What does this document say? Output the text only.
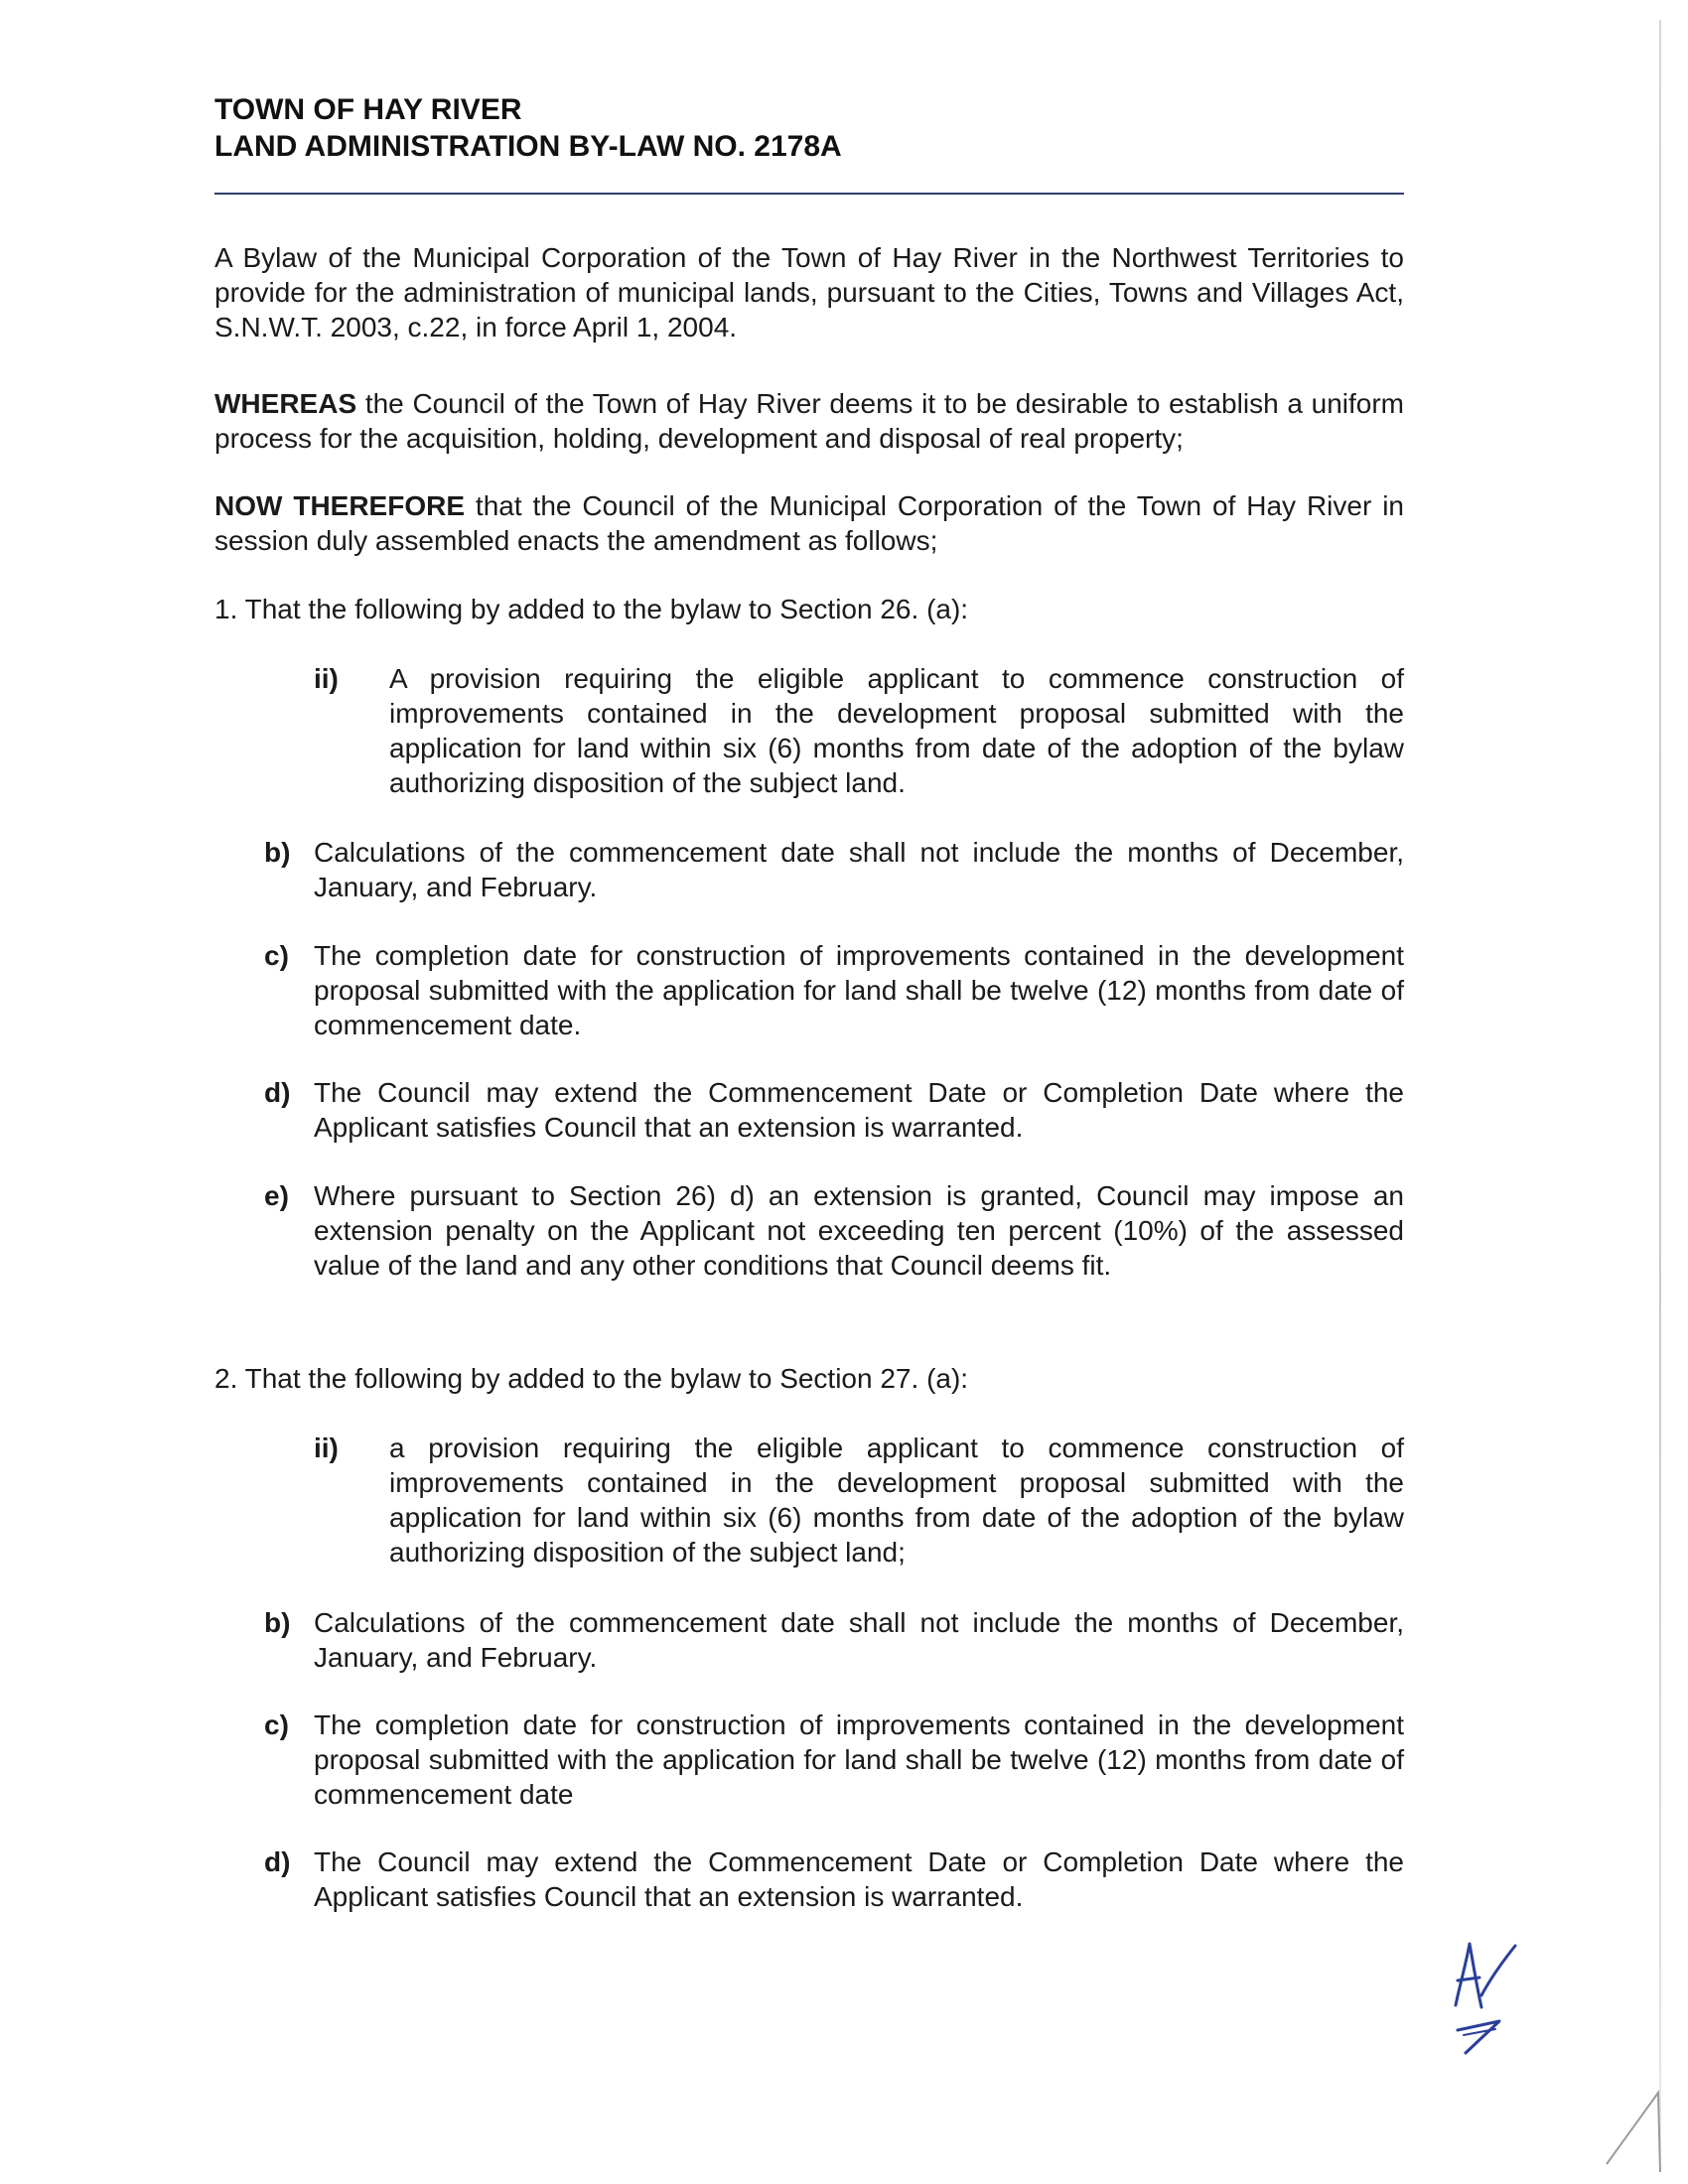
TOWN OF HAY RIVER
LAND ADMINISTRATION BY-LAW NO. 2178A

A Bylaw of the Municipal Corporation of the Town of Hay River in the Northwest Territories to provide for the administration of municipal lands, pursuant to the Cities, Towns and Villages Act, S.N.W.T. 2003, c.22, in force April 1, 2004.

WHEREAS the Council of the Town of Hay River deems it to be desirable to establish a uniform process for the acquisition, holding, development and disposal of real property;

NOW THEREFORE that the Council of the Municipal Corporation of the Town of Hay River in session duly assembled enacts the amendment as follows;

1. That the following by added to the bylaw to Section 26. (a):

ii) A provision requiring the eligible applicant to commence construction of improvements contained in the development proposal submitted with the application for land within six (6) months from date of the adoption of the bylaw authorizing disposition of the subject land.
b) Calculations of the commencement date shall not include the months of December, January, and February.
c) The completion date for construction of improvements contained in the development proposal submitted with the application for land shall be twelve (12) months from date of commencement date.
d) The Council may extend the Commencement Date or Completion Date where the Applicant satisfies Council that an extension is warranted.
e) Where pursuant to Section 26) d) an extension is granted, Council may impose an extension penalty on the Applicant not exceeding ten percent (10%) of the assessed value of the land and any other conditions that Council deems fit.

2. That the following by added to the bylaw to Section 27. (a):

ii) a provision requiring the eligible applicant to commence construction of improvements contained in the development proposal submitted with the application for land within six (6) months from date of the adoption of the bylaw authorizing disposition of the subject land;
b) Calculations of the commencement date shall not include the months of December, January, and February.
c) The completion date for construction of improvements contained in the development proposal submitted with the application for land shall be twelve (12) months from date of commencement date
d) The Council may extend the Commencement Date or Completion Date where the Applicant satisfies Council that an extension is warranted.
